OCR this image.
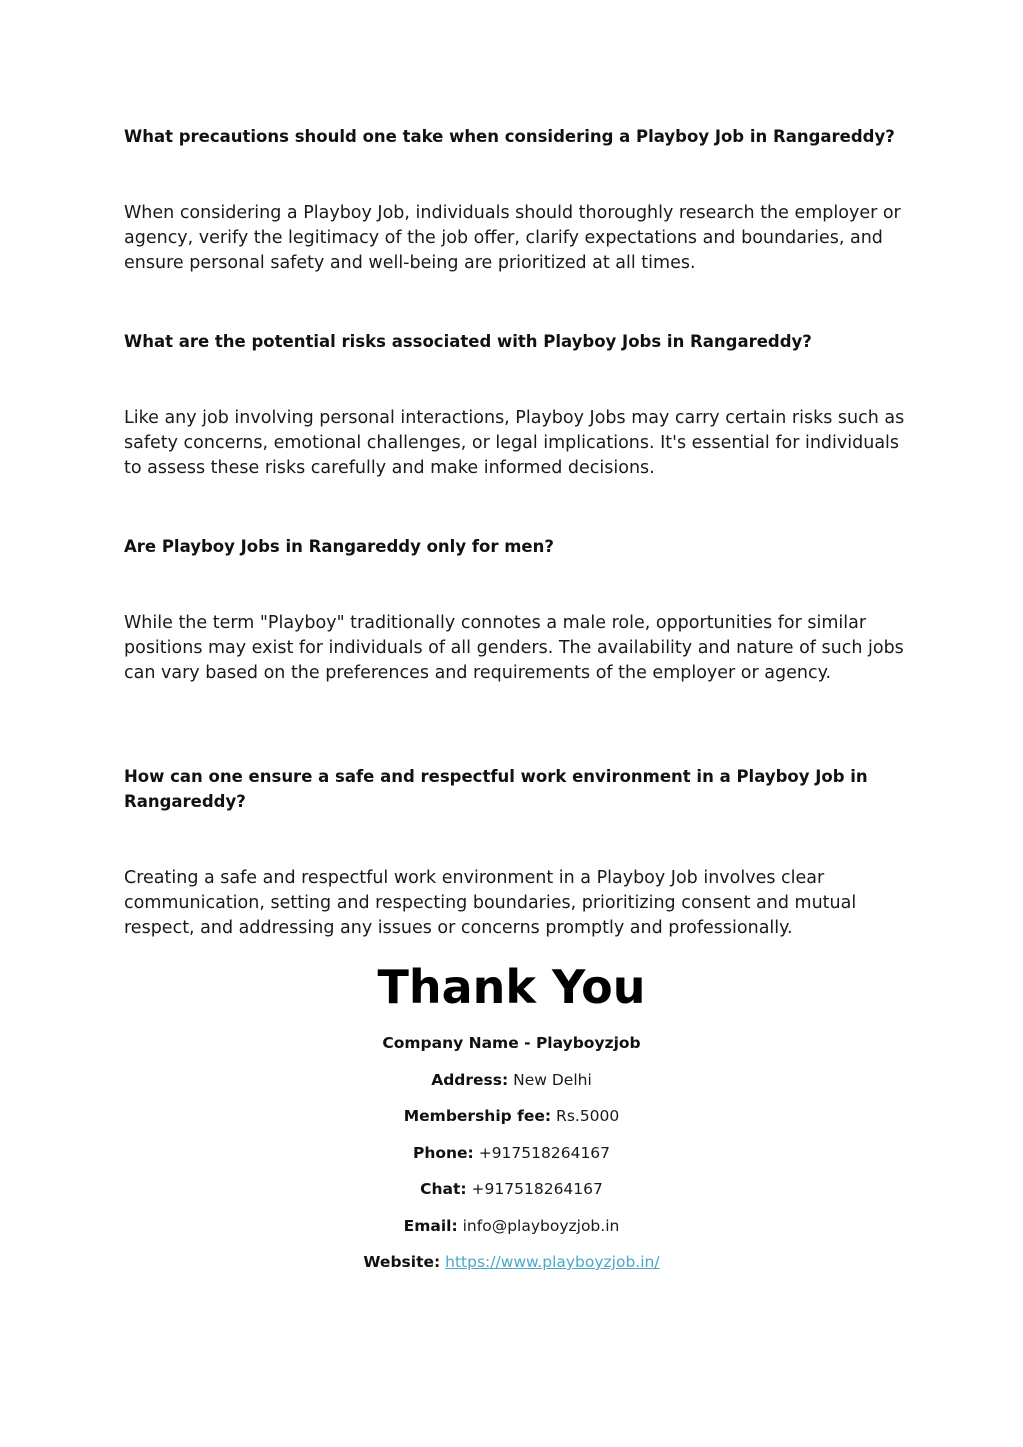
What precautions should one take when considering a Playboy Job in Rangareddy?

When considering a Playboy Job, individuals should thoroughly research the employer or agency, verify the legitimacy of the job offer, clarify expectations and boundaries, and ensure personal safety and well-being are prioritized at all times.

What are the potential risks associated with Playboy Jobs in Rangareddy?

Like any job involving personal interactions, Playboy Jobs may carry certain risks such as safety concerns, emotional challenges, or legal implications. It's essential for individuals to assess these risks carefully and make informed decisions.

Are Playboy Jobs in Rangareddy only for men?

While the term "Playboy" traditionally connotes a male role, opportunities for similar positions may exist for individuals of all genders. The availability and nature of such jobs can vary based on the preferences and requirements of the employer or agency.

How can one ensure a safe and respectful work environment in a Playboy Job in Rangareddy?

Creating a safe and respectful work environment in a Playboy Job involves clear communication, setting and respecting boundaries, prioritizing consent and mutual respect, and addressing any issues or concerns promptly and professionally.

Thank You

Company Name - Playboyzjob

Address: New Delhi

Membership fee: Rs.5000

Phone: +917518264167

Chat: +917518264167

Email: info@playboyzjob.in

Website: https://www.playboyzjob.in/
